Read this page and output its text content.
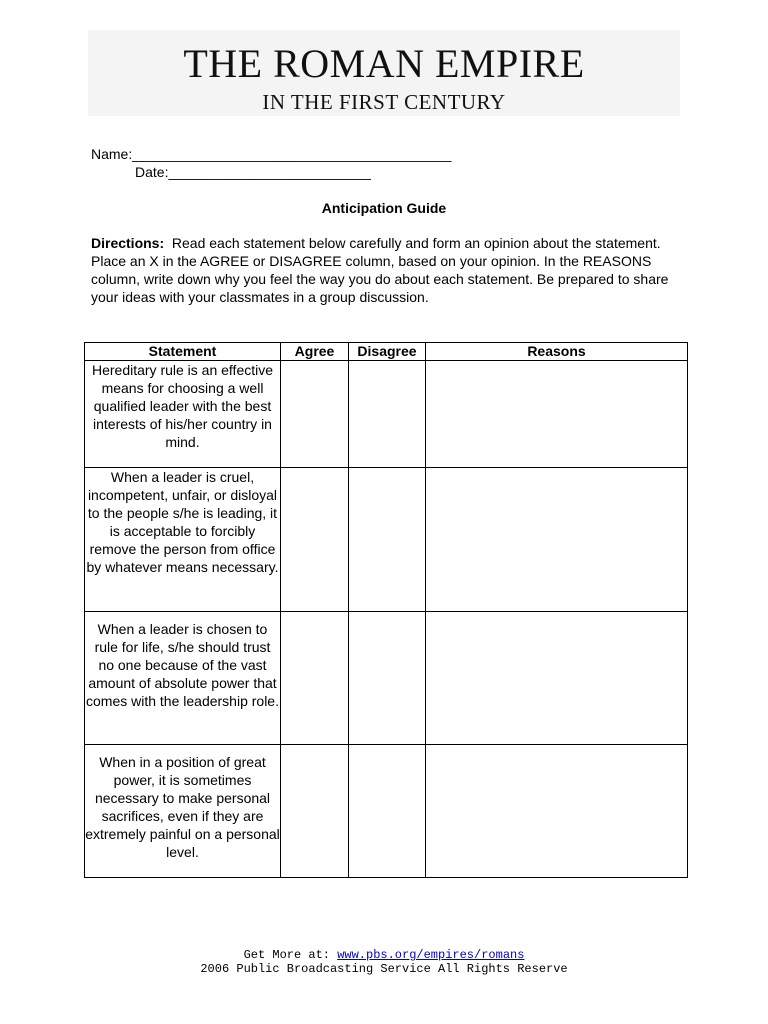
THE ROMAN EMPIRE
IN THE FIRST CENTURY
Name:_________________________________________
Date:__________________________
Anticipation Guide
Directions: Read each statement below carefully and form an opinion about the statement. Place an X in the AGREE or DISAGREE column, based on your opinion. In the REASONS column, write down why you feel the way you do about each statement. Be prepared to share your ideas with your classmates in a group discussion.
Statement	Agree	Disagree	Reasons
Hereditary rule is an effective means for choosing a well qualified leader with the best interests of his/her country in mind.			
When a leader is cruel, incompetent, unfair, or disloyal to the people s/he is leading, it is acceptable to forcibly remove the person from office by whatever means necessary.			
When a leader is chosen to rule for life, s/he should trust no one because of the vast amount of absolute power that comes with the leadership role.			
When in a position of great power, it is sometimes necessary to make personal sacrifices, even if they are extremely painful on a personal level.			
Get More at: www.pbs.org/empires/romans
2006 Public Broadcasting Service All Rights Reserve
